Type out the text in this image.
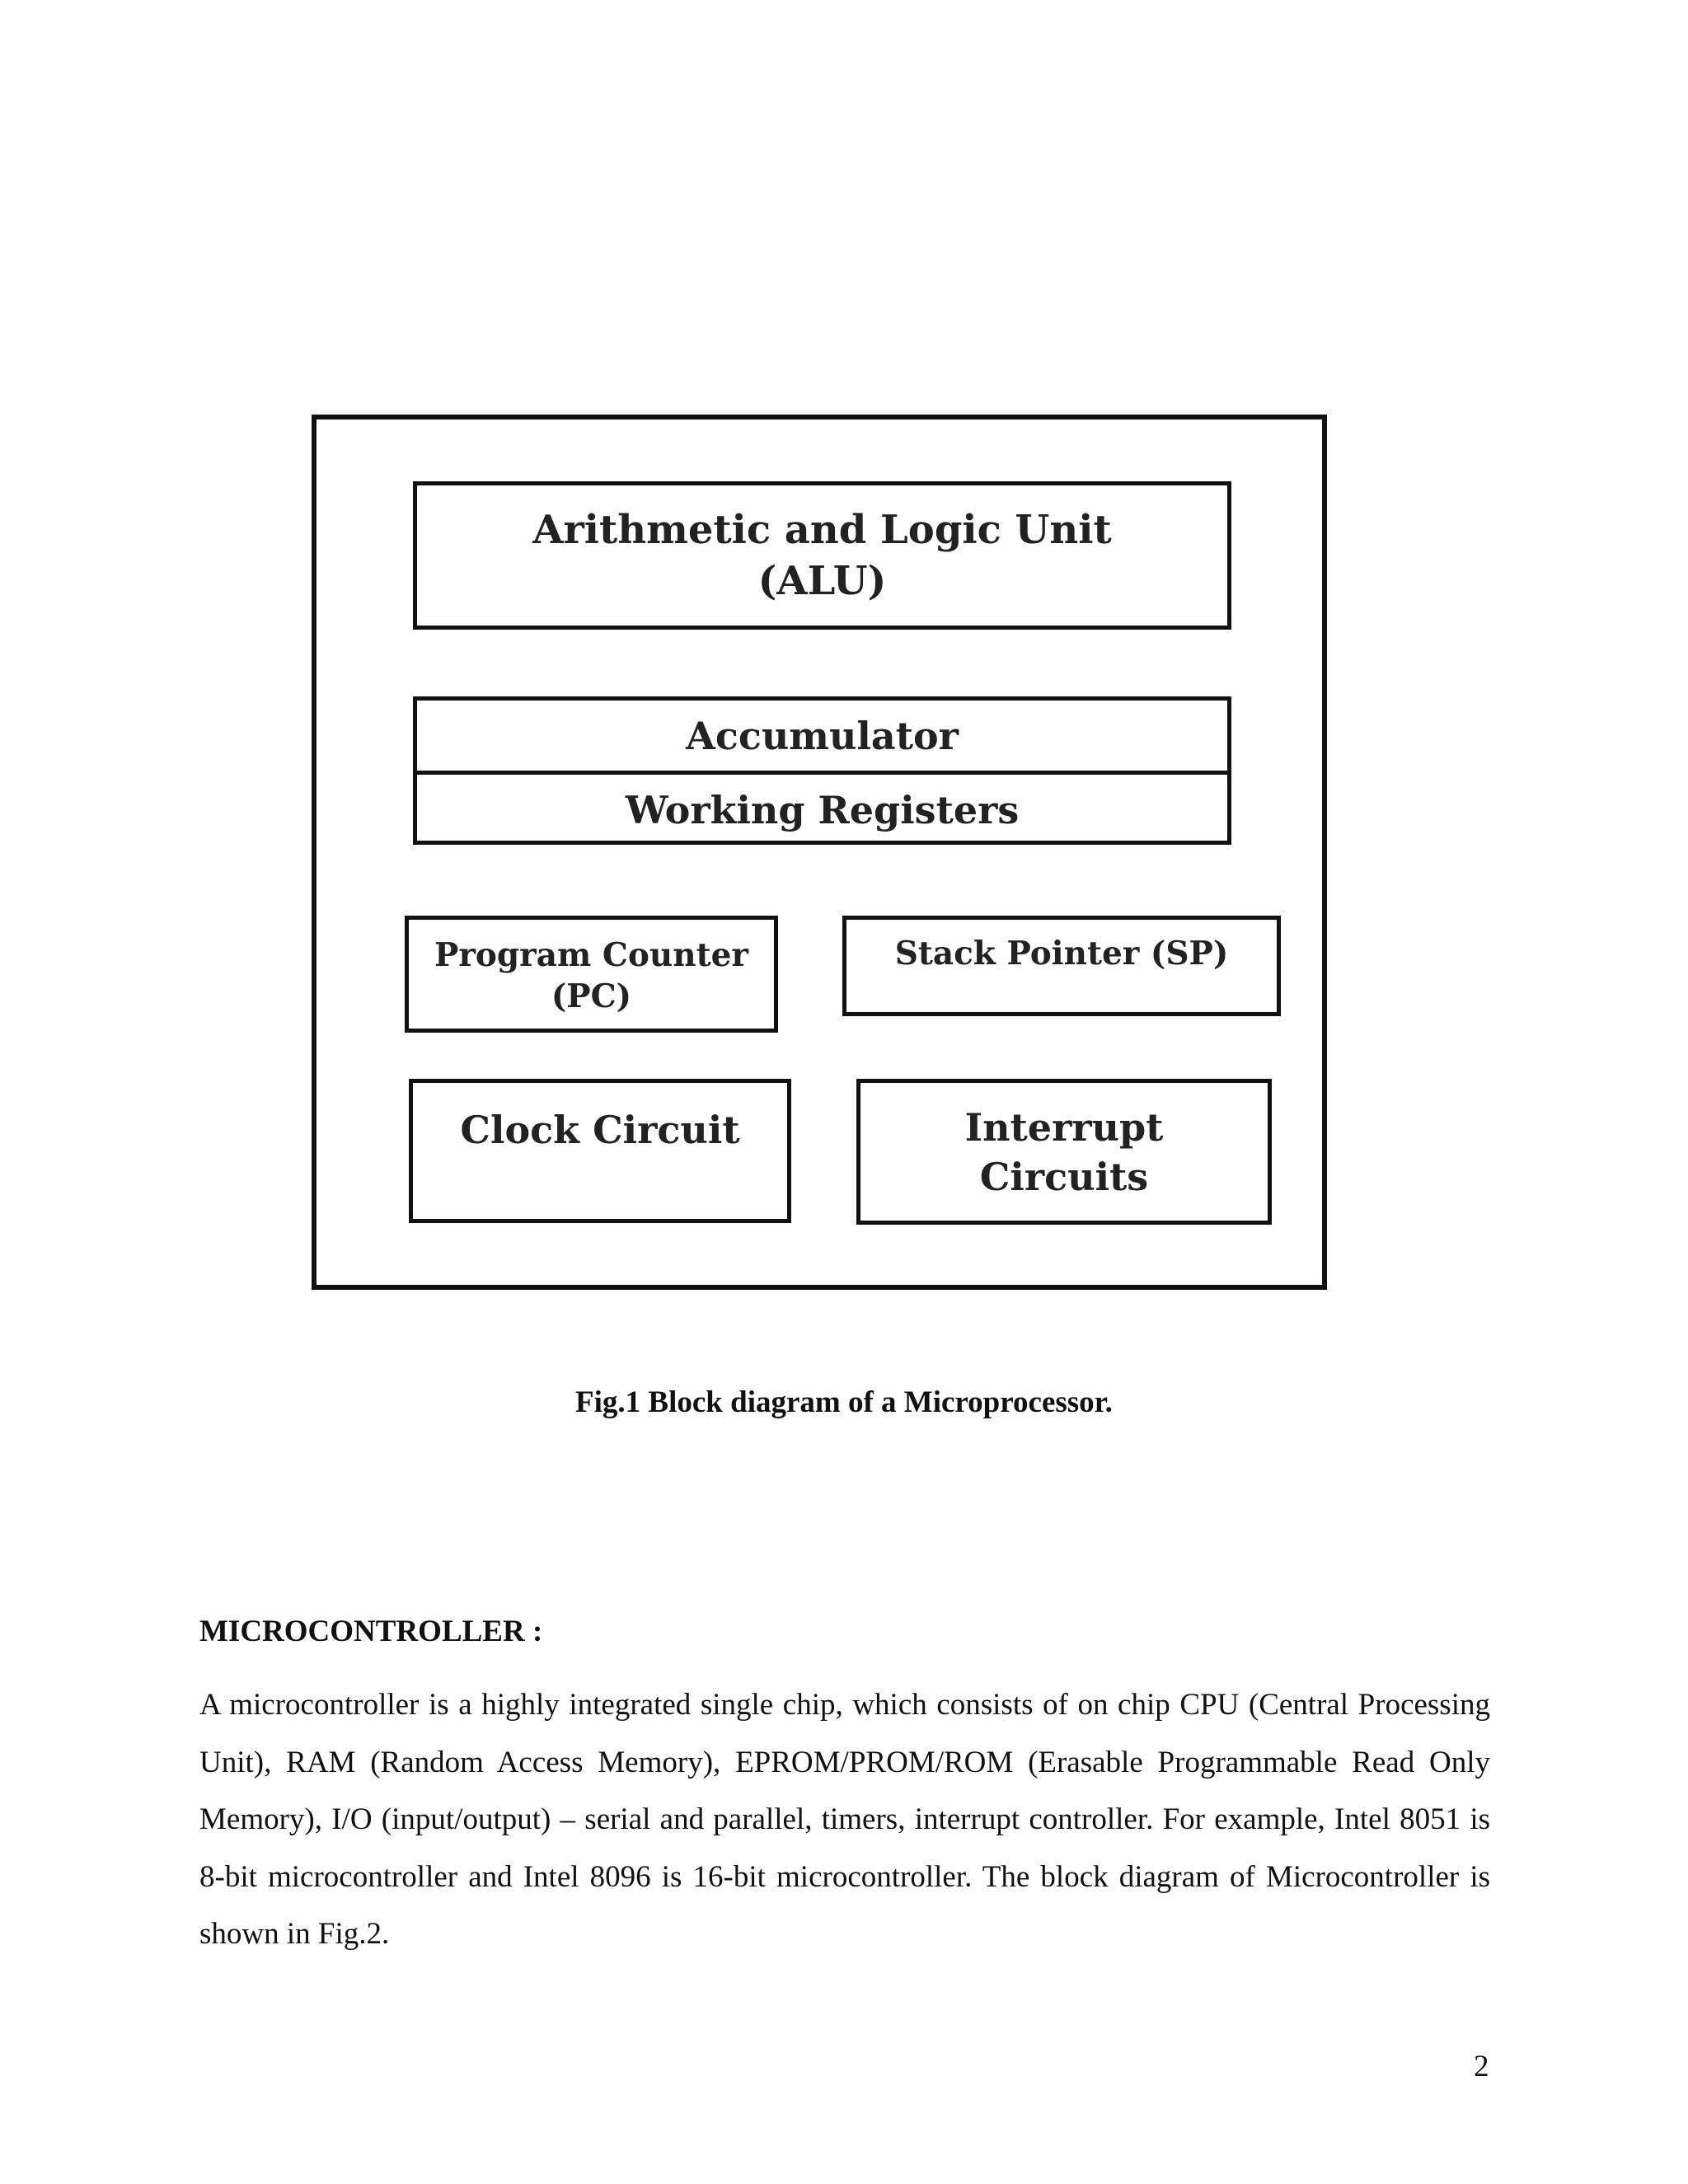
Arithmetic and Logic Unit
(ALU)
Accumulator
Working Registers
Program Counter
(PC)
Stack Pointer (SP)
Clock Circuit	Interrupt
Circuits
Fig.1 Block diagram of a Microprocessor.
MICROCONTROLLER :
A microcontroller is a highly integrated single chip, which consists of on chip CPU (Central Processing Unit), RAM (Random Access Memory), EPROM/PROM/ROM (Erasable Programmable Read Only Memory), I/O (input/output) – serial and parallel, timers, interrupt controller. For example, Intel 8051 is 8-bit microcontroller and Intel 8096 is 16-bit microcontroller. The block diagram of Microcontroller is shown in Fig.2.
2
